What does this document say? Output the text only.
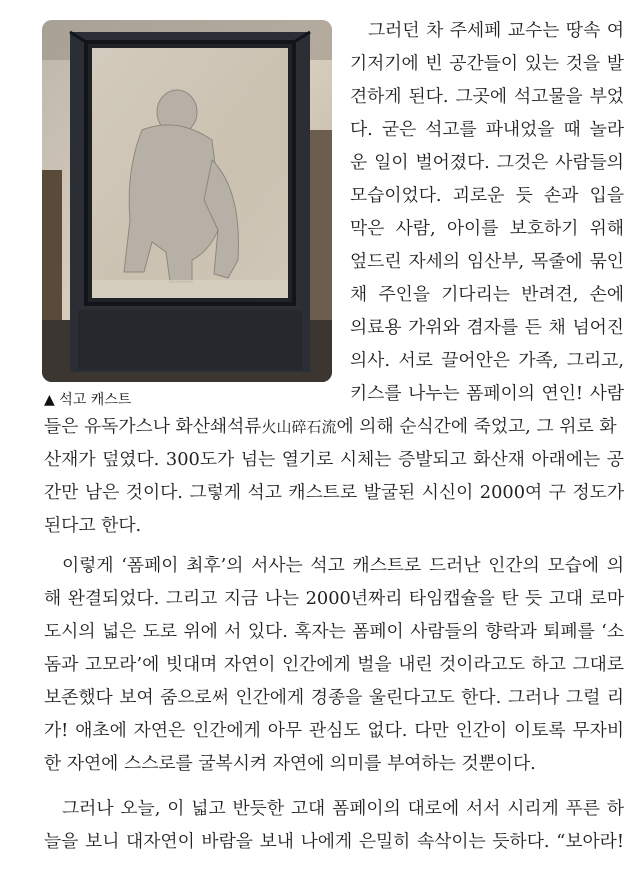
▲ 석고 캐스트
그러던 차 주세페 교수는 땅속 여
기저기에 빈 공간들이 있는 것을 발
견하게 된다. 그곳에 석고물을 부었
다. 굳은 석고를 파내었을 때 놀라
운 일이 벌어졌다. 그것은 사람들의
모습이었다. 괴로운 듯 손과 입을
막은 사람, 아이를 보호하기 위해
엎드린 자세의 임산부, 목줄에 묶인
채 주인을 기다리는 반려견, 손에
의료용 가위와 겸자를 든 채 넘어진
의사. 서로 끌어안은 가족, 그리고,
키스를 나누는 폼페이의 연인! 사람
들은 유독가스나 화산쇄석류火山碎石流에 의해 순식간에 죽었고, 그 위로 화
산재가 덮였다. 300도가 넘는 열기로 시체는 증발되고 화산재 아래에는 공
간만 남은 것이다. 그렇게 석고 캐스트로 발굴된 시신이 2000여 구 정도가
된다고 한다.
이렇게 ‘폼페이 최후’의 서사는 석고 캐스트로 드러난 인간의 모습에 의
해 완결되었다. 그리고 지금 나는 2000년짜리 타임캡슐을 탄 듯 고대 로마
도시의 넓은 도로 위에 서 있다. 혹자는 폼페이 사람들의 향락과 퇴폐를 ‘소
돔과 고모라’에 빗대며 자연이 인간에게 벌을 내린 것이라고도 하고 그대로
보존했다 보여 줌으로써 인간에게 경종을 울린다고도 한다. 그러나 그럴 리
가! 애초에 자연은 인간에게 아무 관심도 없다. 다만 인간이 이토록 무자비
한 자연에 스스로를 굴복시켜 자연에 의미를 부여하는 것뿐이다.
그러나 오늘, 이 넓고 반듯한 고대 폼페이의 대로에 서서 시리게 푸른 하
늘을 보니 대자연이 바람을 보내 나에게 은밀히 속삭이는 듯하다. “보아라!
